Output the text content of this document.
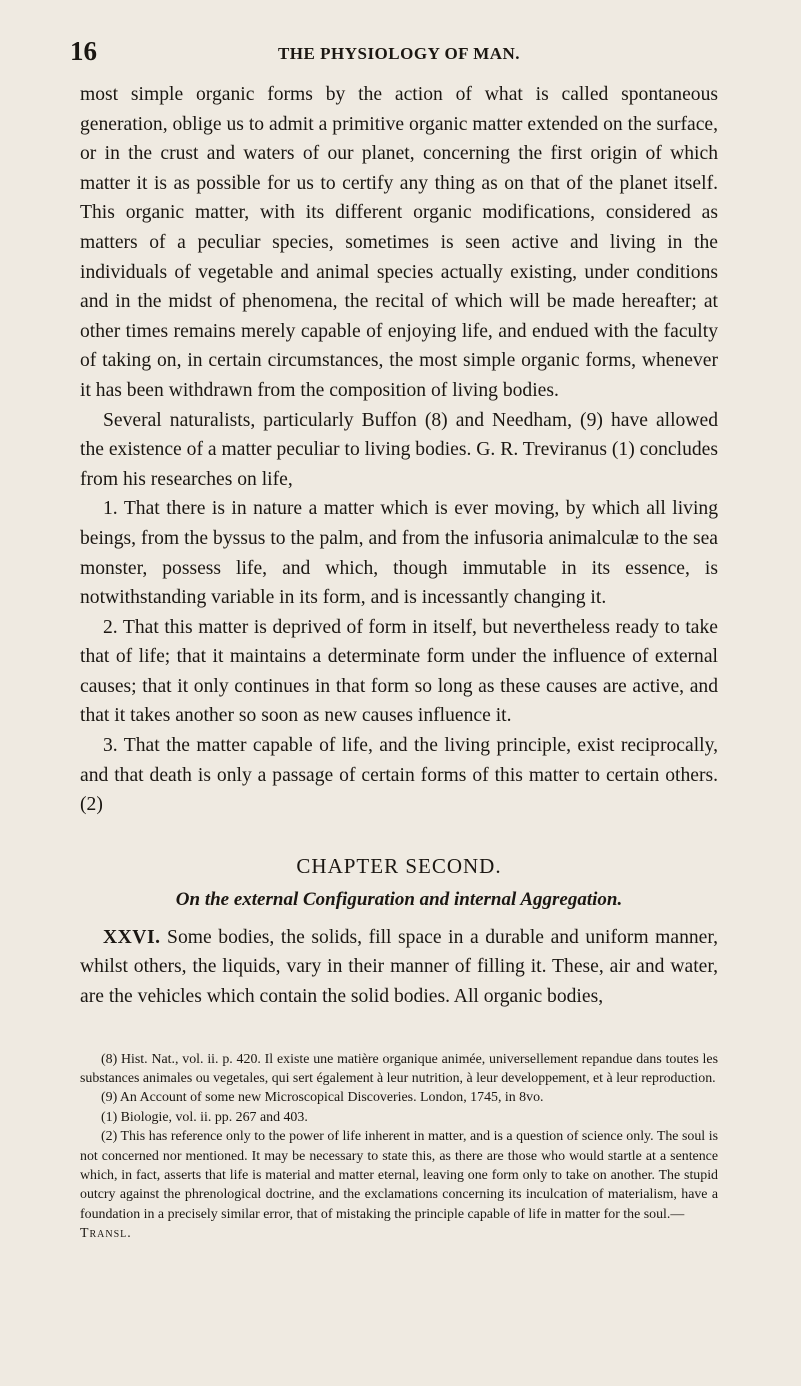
16	THE PHYSIOLOGY OF MAN.

most simple organic forms by the action of what is called spontaneous generation, oblige us to admit a primitive organic matter extended on the surface, or in the crust and waters of our planet, concerning the first origin of which matter it is as possible for us to certify any thing as on that of the planet itself. This organic matter, with its different organic modifications, considered as matters of a peculiar species, sometimes is seen active and living in the individuals of vegetable and animal species actually existing, under conditions and in the midst of phenomena, the recital of which will be made hereafter; at other times remains merely capable of enjoying life, and endued with the faculty of taking on, in certain circumstances, the most simple organic forms, whenever it has been withdrawn from the composition of living bodies.

Several naturalists, particularly Buffon (8) and Needham, (9) have allowed the existence of a matter peculiar to living bodies. G. R. Treviranus (1) concludes from his researches on life,

1. That there is in nature a matter which is ever moving, by which all living beings, from the byssus to the palm, and from the infusoria animalculæ to the sea monster, possess life, and which, though immutable in its essence, is notwithstanding variable in its form, and is incessantly changing it.

2. That this matter is deprived of form in itself, but nevertheless ready to take that of life; that it maintains a determinate form under the influence of external causes; that it only continues in that form so long as these causes are active, and that it takes another so soon as new causes influence it.

3. That the matter capable of life, and the living principle, exist reciprocally, and that death is only a passage of certain forms of this matter to certain others. (2)

CHAPTER SECOND.
On the external Configuration and internal Aggregation.

XXVI. Some bodies, the solids, fill space in a durable and uniform manner, whilst others, the liquids, vary in their manner of filling it. These, air and water, are the vehicles which contain the solid bodies. All organic bodies,

(8) Hist. Nat., vol. ii. p. 420. Il existe une matière organique animée, universellement repandue dans toutes les substances animales ou vegetales, qui sert également à leur nutrition, à leur developpement, et à leur reproduction.

(9) An Account of some new Microscopical Discoveries. London, 1745, in 8vo.

(1) Biologie, vol. ii. pp. 267 and 403.

(2) This has reference only to the power of life inherent in matter, and is a question of science only. The soul is not concerned nor mentioned. It may be necessary to state this, as there are those who would startle at a sentence which, in fact, asserts that life is material and matter eternal, leaving one form only to take on another. The stupid outcry against the phrenological doctrine, and the exclamations concerning its inculcation of materialism, have a foundation in a precisely similar error, that of mistaking the principle capable of life in matter for the soul.—

Transl.
